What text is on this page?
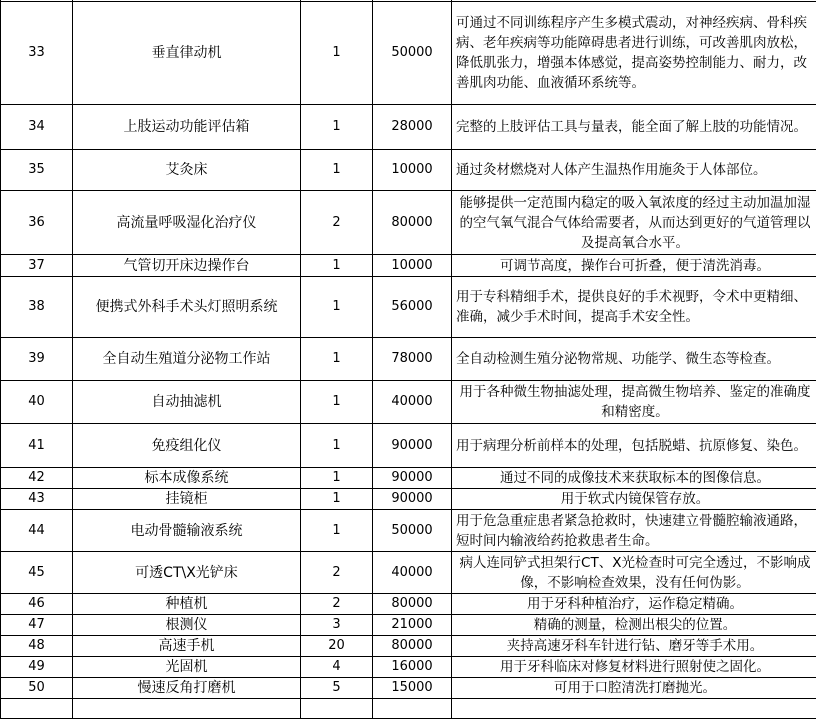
33	垂直律动机	1	50000	可通过不同训练程序产生多模式震动，对神经疾病、骨科疾病、老年疾病等功能障碍患者进行训练，可改善肌肉放松，降低肌张力，增强本体感觉，提高姿势控制能力、耐力，改善肌肉功能、血液循环系统等。
34	上肢运动功能评估箱	1	28000	完整的上肢评估工具与量表，能全面了解上肢的功能情况。
35	艾灸床	1	10000	通过灸材燃烧对人体产生温热作用施灸于人体部位。
36	高流量呼吸湿化治疗仪	2	80000	能够提供一定范围内稳定的吸入氧浓度的经过主动加温加湿的空气氧气混合气体给需要者，从而达到更好的气道管理以及提高氧合水平。
37	气管切开床边操作台	1	10000	可调节高度，操作台可折叠，便于清洗消毒。
38	便携式外科手术头灯照明系统	1	56000	用于专科精细手术，提供良好的手术视野，令术中更精细、准确，减少手术时间，提高手术安全性。
39	全自动生殖道分泌物工作站	1	78000	全自动检测生殖分泌物常规、功能学、微生态等检查。
40	自动抽滤机	1	40000	用于各种微生物抽滤处理，提高微生物培养、鉴定的准确度和精密度。
41	免疫组化仪	1	90000	用于病理分析前样本的处理，包括脱蜡、抗原修复、染色。
42	标本成像系统	1	90000	通过不同的成像技术来获取标本的图像信息。
43	挂镜柜	1	90000	用于软式内镜保管存放。
44	电动骨髓输液系统	1	50000	用于危急重症患者紧急抢救时，快速建立骨髓腔输液通路，短时间内输液给药抢救患者生命。
45	可透CT\X光铲床	2	40000	病人连同铲式担架行CT、X光检查时可完全透过，不影响成像，不影响检查效果，没有任何伪影。
46	种植机	2	80000	用于牙科种植治疗，运作稳定精确。
47	根测仪	3	21000	精确的测量，检测出根尖的位置。
48	高速手机	20	80000	夹持高速牙科车针进行钻、磨牙等手术用。
49	光固机	4	16000	用于牙科临床对修复材料进行照射使之固化。
50	慢速反角打磨机	5	15000	可用于口腔清洗打磨抛光。
